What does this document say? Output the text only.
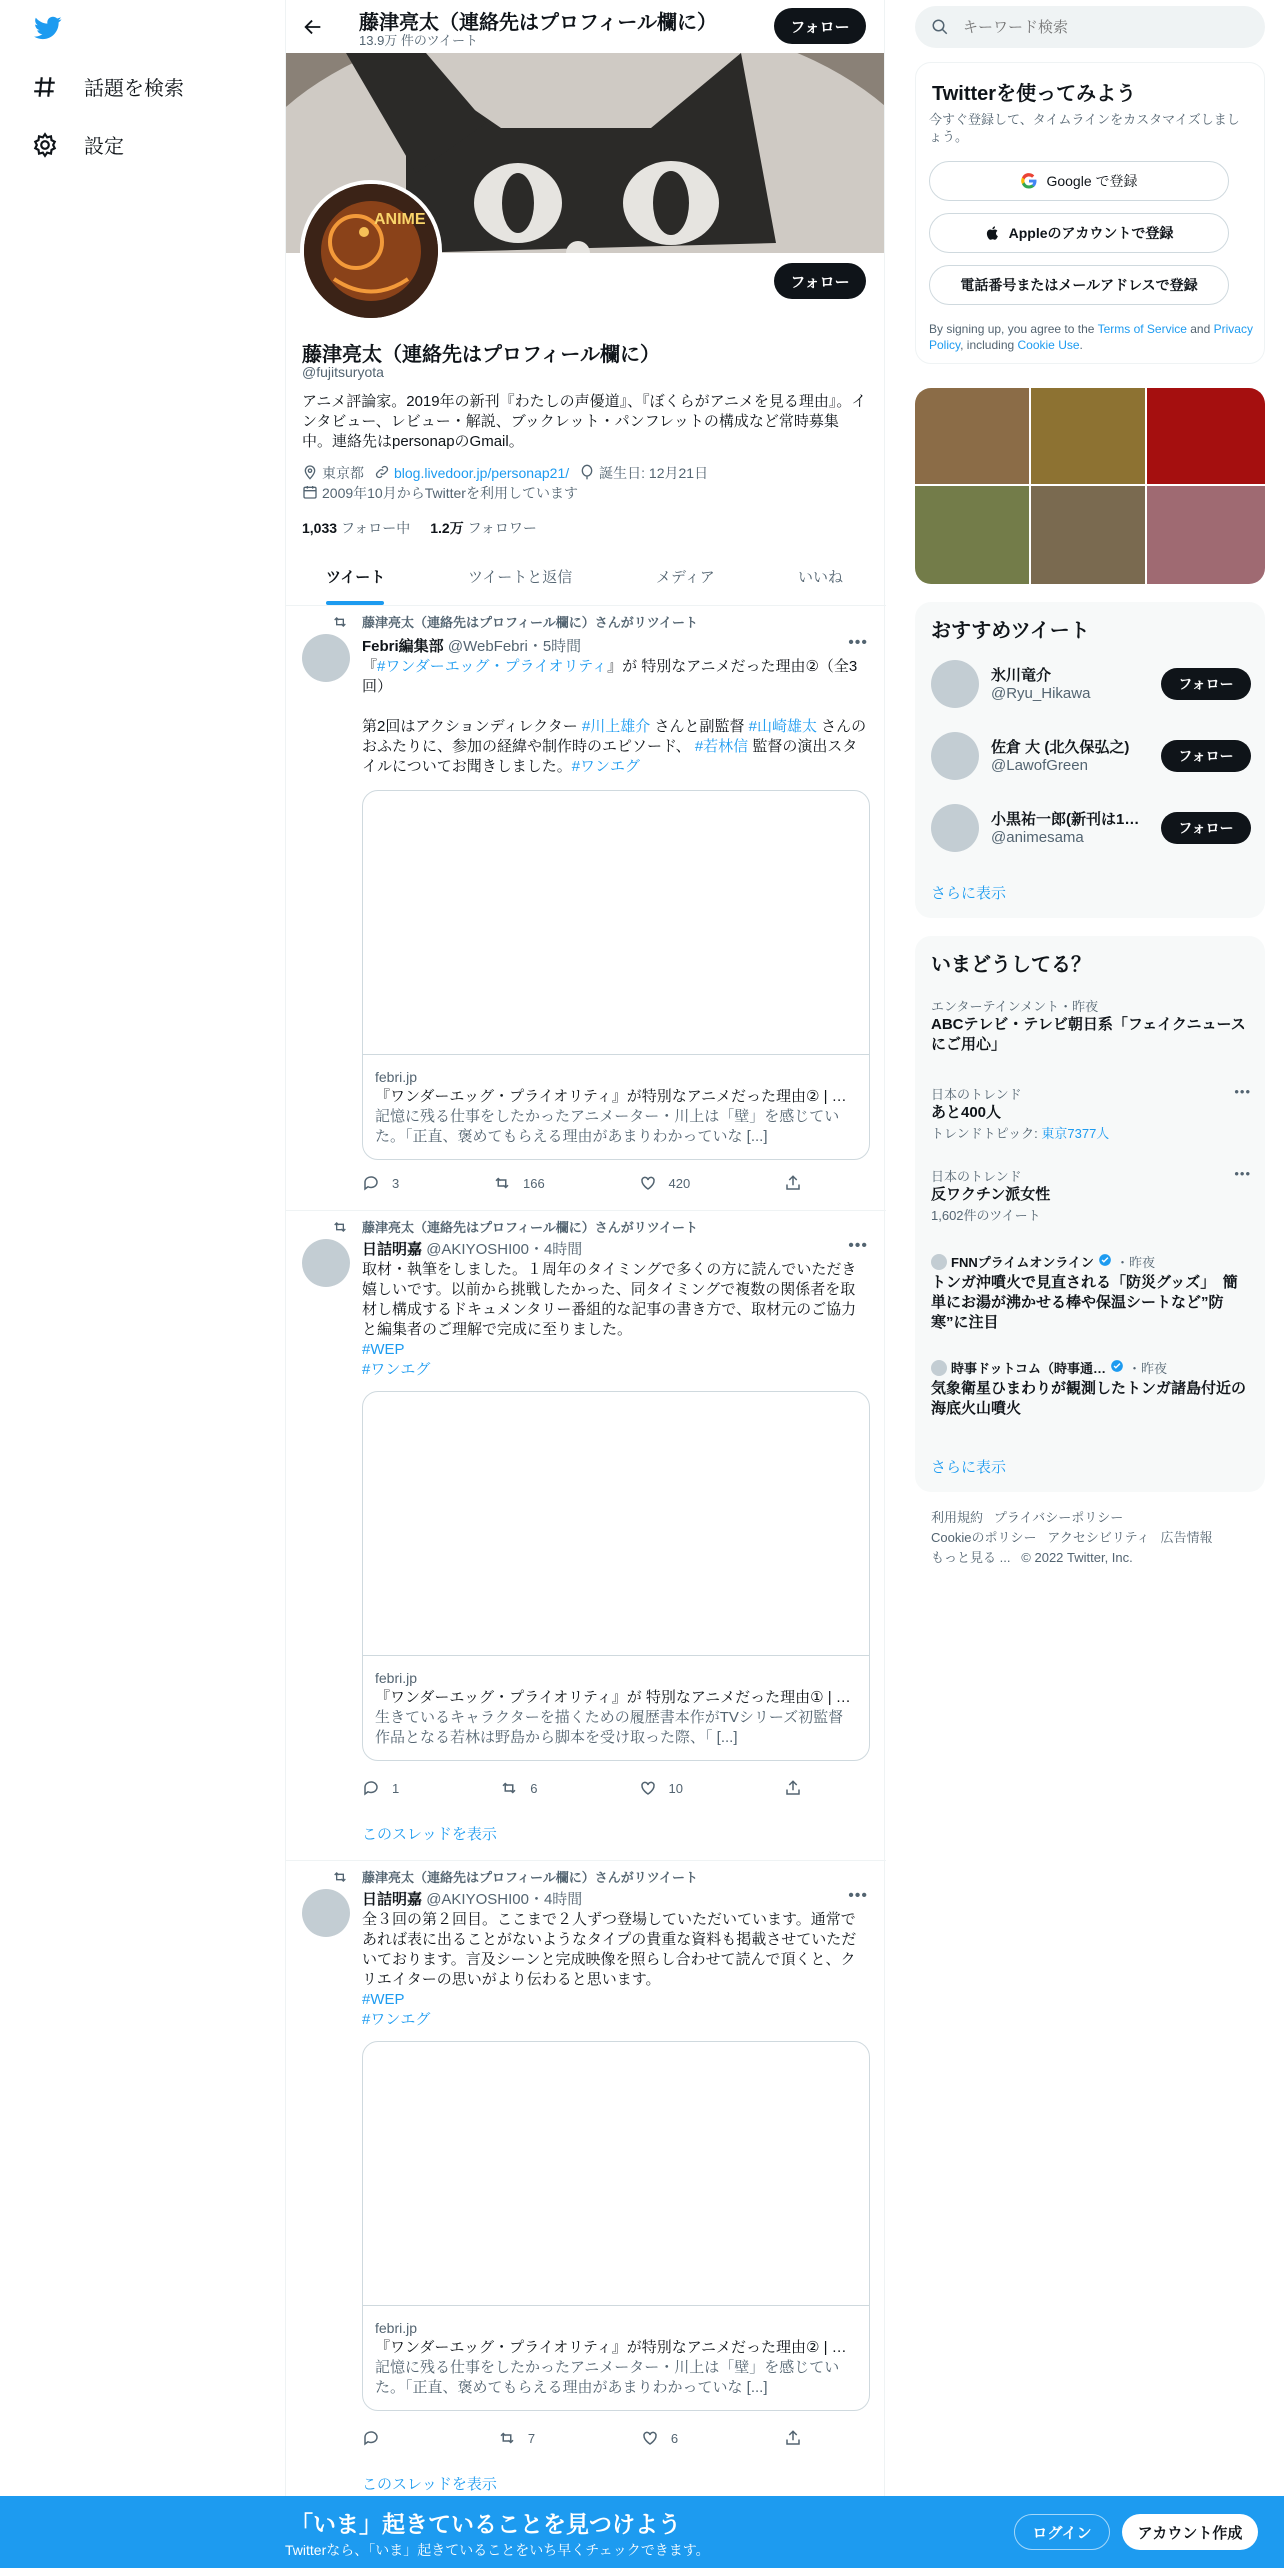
話題を検索
設定
藤津亮太（連絡先はプロフィール欄に）
13.9万 件のツイート
フォロー
ANIME
フォロー
藤津亮太（連絡先はプロフィール欄に）
@fujitsuryota
アニメ評論家。2019年の新刊『わたしの声優道』、『ぼくらがアニメを見る理由』。インタビュー、レビュー・解説、ブックレット・パンフレットの構成など常時募集中。連絡先はpersonapのGmail。
東京都 blog.livedoor.jp/personap21/ 誕生日: 12月21日
2009年10月からTwitterを利用しています
1,033 フォロー中 1.2万 フォロワー
ツイート	ツイートと返信	メディア	いいね
藤津亮太（連絡先はプロフィール欄に）さんがリツイート
Febri編集部 @WebFebri・5時間	•••
『#ワンダーエッグ・プライオリティ』が 特別なアニメだった理由②（全3回）

第2回はアクションディレクター #川上雄介 さんと副監督 #山崎雄太 さんのおふたりに、参加の経緯や制作時のエピソード、 #若林信 監督の演出スタイルについてお聞きしました。#ワンエグ
febri.jp
『ワンダーエッグ・プライオリティ』が特別なアニメだった理由② | …
記憶に残る仕事をしたかったアニメーター・川上は「壁」を感じていた。「正直、褒めてもらえる理由があまりわかっていな [...]
3	166	420
藤津亮太（連絡先はプロフィール欄に）さんがリツイート
日詰明嘉 @AKIYOSHI00・4時間	•••
取材・執筆をしました。１周年のタイミングで多くの方に読んでいただき嬉しいです。以前から挑戦したかった、同タイミングで複数の関係者を取材し構成するドキュメンタリー番組的な記事の書き方で、取材元のご協力と編集者のご理解で完成に至りました。
#WEP
#ワンエグ
febri.jp
『ワンダーエッグ・プライオリティ』が 特別なアニメだった理由① | …
生きているキャラクターを描くための履歴書本作がTVシリーズ初監督作品となる若林は野島から脚本を受け取った際、「 [...]
1	6	10
このスレッドを表示
藤津亮太（連絡先はプロフィール欄に）さんがリツイート
日詰明嘉 @AKIYOSHI00・4時間	•••
全３回の第２回目。ここまで２人ずつ登場していただいています。通常であれば表に出ることがないようなタイプの貴重な資料も掲載させていただいております。言及シーンと完成映像を照らし合わせて読んで頂くと、クリエイターの思いがより伝わると思います。
#WEP
#ワンエグ
febri.jp
『ワンダーエッグ・プライオリティ』が特別なアニメだった理由② | …
記憶に残る仕事をしたかったアニメーター・川上は「壁」を感じていた。「正直、褒めてもらえる理由があまりわかっていな [...]
7	6
このスレッドを表示
キーワード検索
Twitterを使ってみよう
今すぐ登録して、タイムラインをカスタマイズしましょう。
Google で登録
Appleのアカウントで登録
電話番号またはメールアドレスで登録
By signing up, you agree to the Terms of Service and Privacy Policy, including Cookie Use.
おすすめツイート
氷川竜介
@Ryu_Hikawa
フォロー
佐倉 大 (北久保弘之)
@LawofGreen
フォロー
小黒祐一郎(新刊は1…
@animesama
フォロー
さらに表示
いまどうしてる？
エンターテインメント・昨夜
ABCテレビ・テレビ朝日系「フェイクニュースにご用心」
日本のトレンド
あと400人
トレンドトピック: 東京7377人
•••
日本のトレンド
反ワクチン派女性
1,602件のツイート
•••
FNNプライムオンライン ・昨夜
トンガ沖噴火で見直される「防災グッズ」　簡単にお湯が沸かせる棒や保温シートなど”防寒”に注目
時事ドットコム（時事通… ・昨夜
気象衛星ひまわりが観測したトンガ諸島付近の海底火山噴火
さらに表示
利用規約 プライバシーポリシー
Cookieのポリシー アクセシビリティ 広告情報
もっと見る ... © 2022 Twitter, Inc.
「いま」起きていることを見つけよう
Twitterなら、「いま」起きていることをいち早くチェックできます。
ログイン	アカウント作成
